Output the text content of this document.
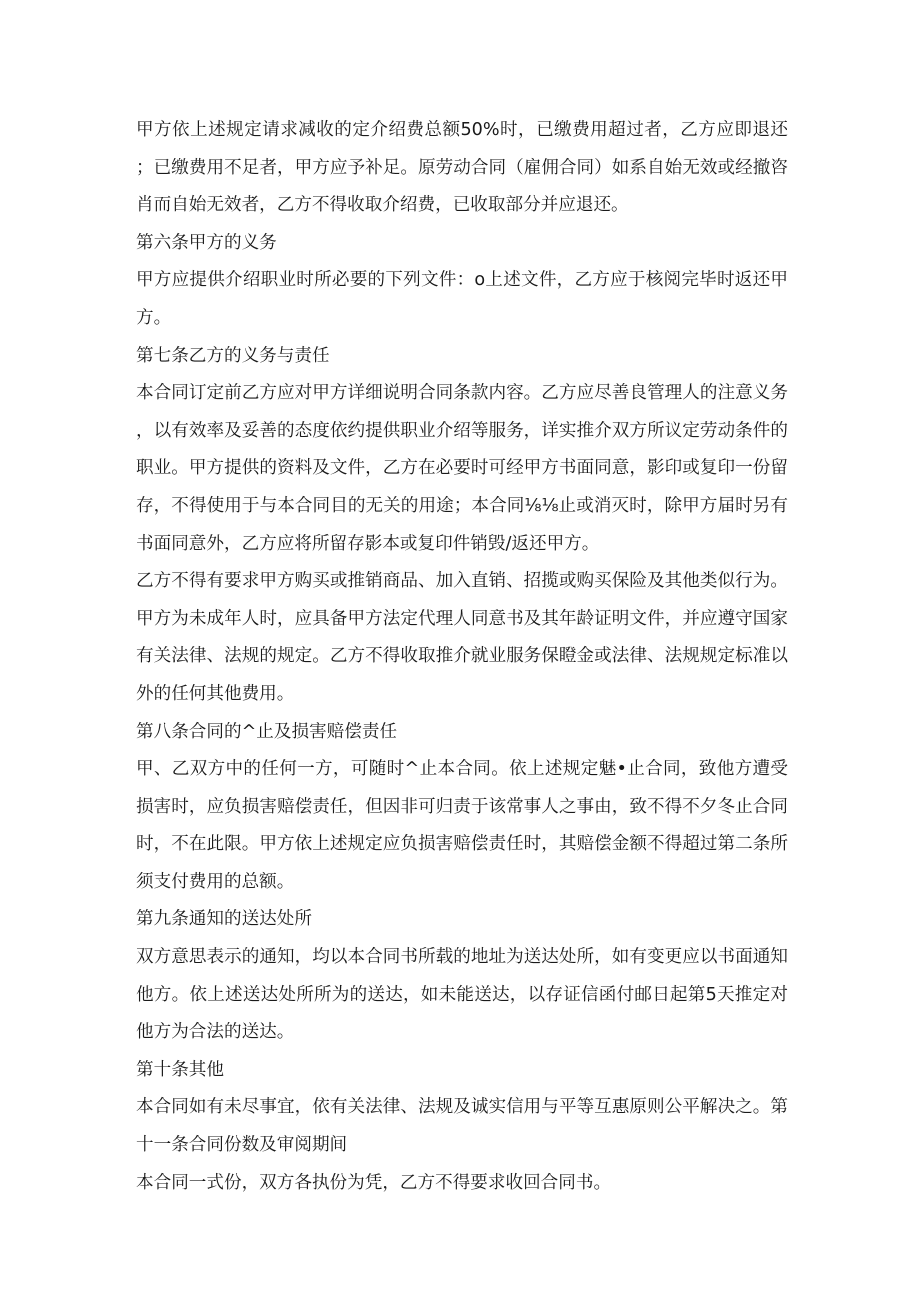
甲方依上述规定请求减收的定介绍费总额50%时，已缴费用超过者，乙方应即退还；已缴费用不足者，甲方应予补足。原劳动合同（雇佣合同）如系自始无效或经撤咨肖而自始无效者，乙方不得收取介绍费，已收取部分并应退还。

第六条甲方的义务

甲方应提供介绍职业时所必要的下列文件：o上述文件，乙方应于核阅完毕时返还甲方。

第七条乙方的义务与责任

本合同订定前乙方应对甲方详细说明合同条款内容。乙方应尽善良管理人的注意义务，以有效率及妥善的态度依约提供职业介绍等服务，详实推介双方所议定劳动条件的职业。甲方提供的资料及文件，乙方在必要时可经甲方书面同意，影印或复印一份留存，不得使用于与本合同目的无关的用途；本合同⅛⅛止或消灭时，除甲方届时另有书面同意外，乙方应将所留存影本或复印件销毁/返还甲方。

乙方不得有要求甲方购买或推销商品、加入直销、招揽或购买保险及其他类似行为。甲方为未成年人时，应具备甲方法定代理人同意书及其年龄证明文件，并应遵守国家有关法律、法规的规定。乙方不得收取推介就业服务保瞪金或法律、法规规定标准以外的任何其他费用。

第八条合同的^止及损害赔偿责任

甲、乙双方中的任何一方，可随时^止本合同。依上述规定魅•止合同，致他方遭受损害时，应负损害赔偿责任，但因非可归责于该常事人之事由，致不得不夕冬止合同时，不在此限。甲方依上述规定应负损害赔偿责任时，其赔偿金额不得超过第二条所须支付费用的总额。

第九条通知的送达处所

双方意思表示的通知，均以本合同书所载的地址为送达处所，如有变更应以书面通知他方。依上述送达处所所为的送达，如未能送达，以存证信函付邮日起第5天推定对他方为合法的送达。

第十条其他

本合同如有未尽事宜，依有关法律、法规及诚实信用与平等互惠原则公平解决之。第十一条合同份数及审阅期间

本合同一式份，双方各执份为凭，乙方不得要求收回合同书。
